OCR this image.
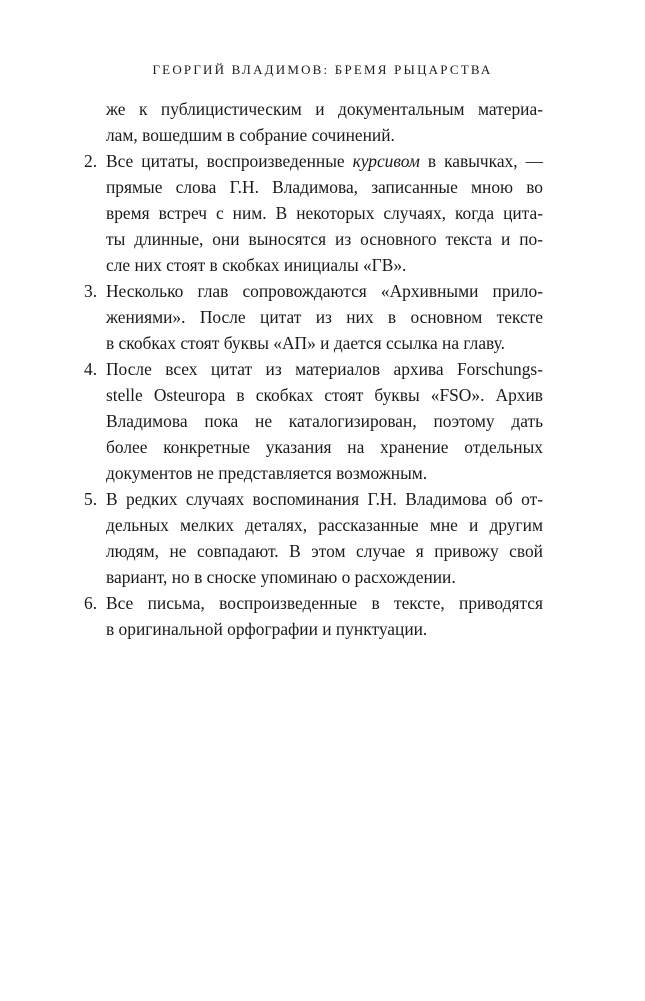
ГЕОРГИЙ ВЛАДИМОВ: БРЕМЯ РЫЦАРСТВА
же к публицистическим и документальным материа-
лам, вошедшим в собрание сочинений.
2. Все цитаты, воспроизведенные курсивом в кавычках, —
прямые слова Г.Н. Владимова, записанные мною во
время встреч с ним. В некоторых случаях, когда цита-
ты длинные, они выносятся из основного текста и по-
сле них стоят в скобках инициалы «ГВ».
3. Несколько глав сопровождаются «Архивными прило-
жениями». После цитат из них в основном тексте
в скобках стоят буквы «АП» и дается ссылка на главу.
4. После всех цитат из материалов архива Forschungs-
stelle Osteuropa в скобках стоят буквы «FSO». Архив
Владимова пока не каталогизирован, поэтому дать
более конкретные указания на хранение отдельных
документов не представляется возможным.
5. В редких случаях воспоминания Г.Н. Владимова об от-
дельных мелких деталях, рассказанные мне и другим
людям, не совпадают. В этом случае я привожу свой
вариант, но в сноске упоминаю о расхождении.
6. Все письма, воспроизведенные в тексте, приводятся
в оригинальной орфографии и пунктуации.
